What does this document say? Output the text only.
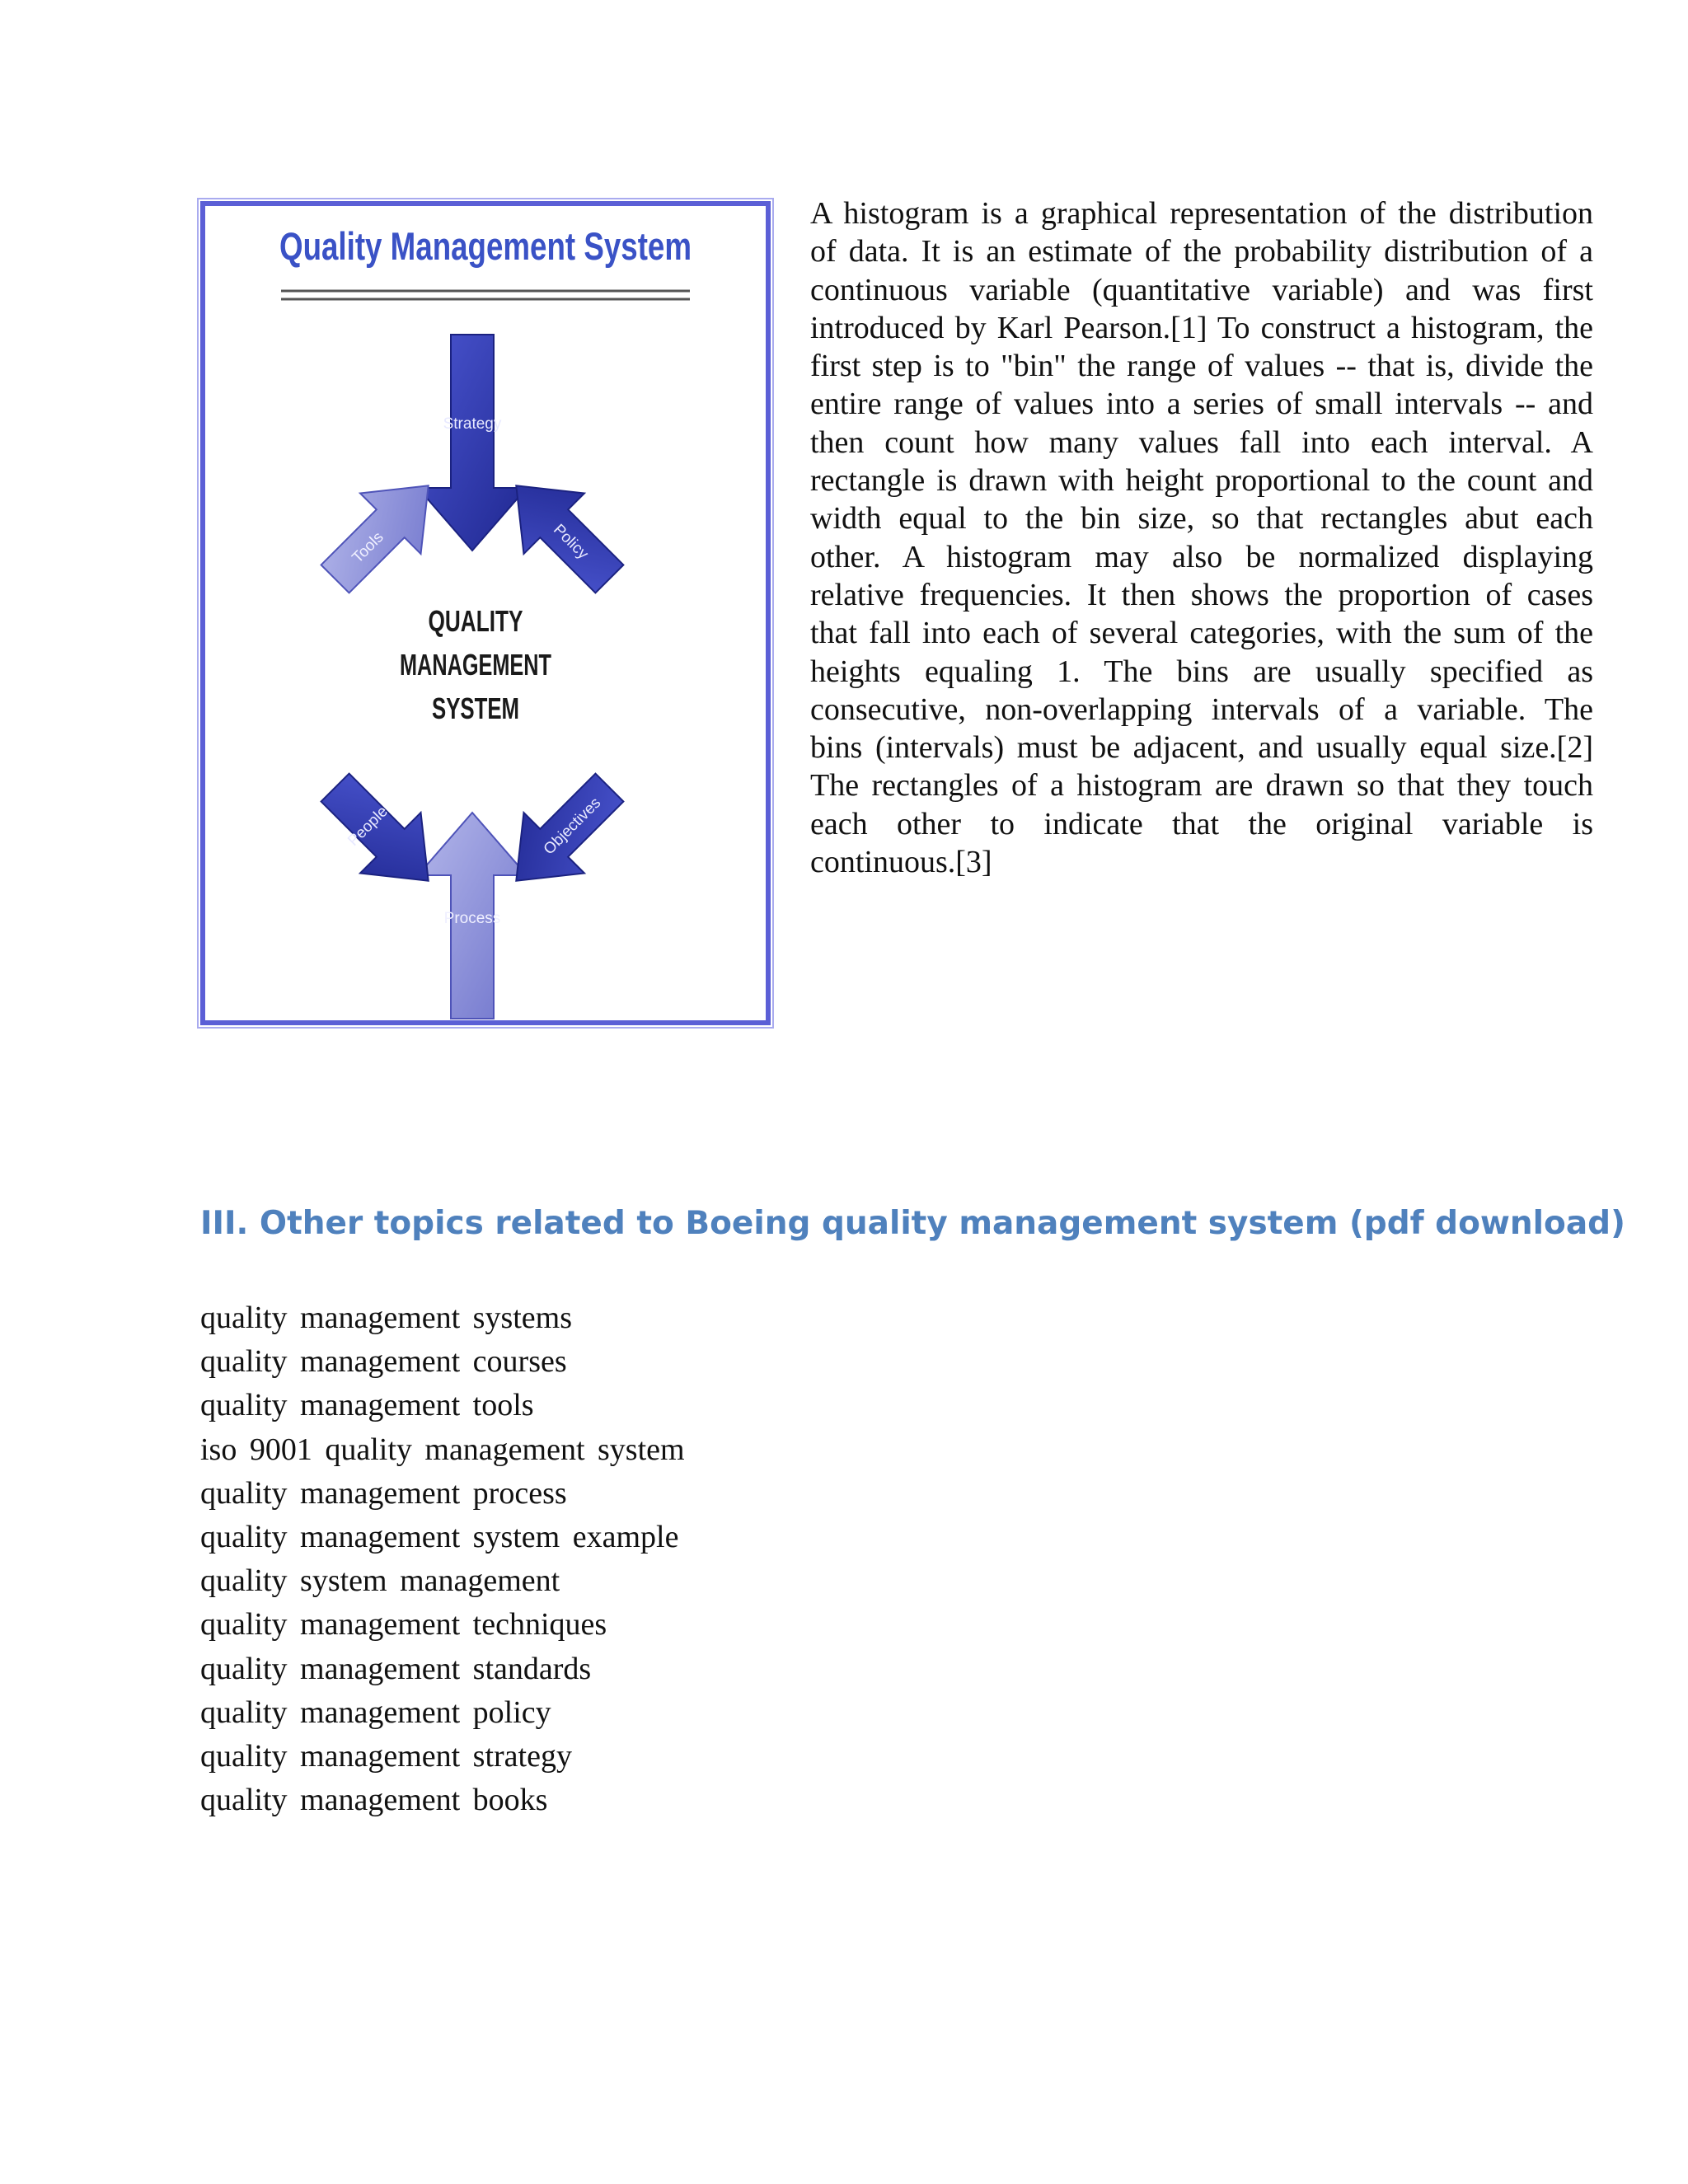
Quality Management System
Strategy
Process
Policy
Objectives
Tools
People
QUALITY
MANAGEMENT
SYSTEM

A histogram is a graphical representation of the distribution of data. It is an estimate of the probability distribution of a continuous variable (quantitative variable) and was first introduced by Karl Pearson.[1] To construct a histogram, the first step is to "bin" the range of values -- that is, divide the entire range of values into a series of small intervals -- and then count how many values fall into each interval. A rectangle is drawn with height proportional to the count and width equal to the bin size, so that rectangles abut each other. A histogram may also be normalized displaying relative frequencies. It then shows the proportion of cases that fall into each of several categories, with the sum of the heights equaling 1. The bins are usually specified as consecutive, non-overlapping intervals of a variable. The bins (intervals) must be adjacent, and usually equal size.[2] The rectangles of a histogram are drawn so that they touch each other to indicate that the original variable is continuous.[3]

III. Other topics related to Boeing quality management system (pdf download)
quality management systems
quality management courses
quality management tools
iso 9001 quality management system
quality management process
quality management system example
quality system management
quality management techniques
quality management standards
quality management policy
quality management strategy
quality management books
